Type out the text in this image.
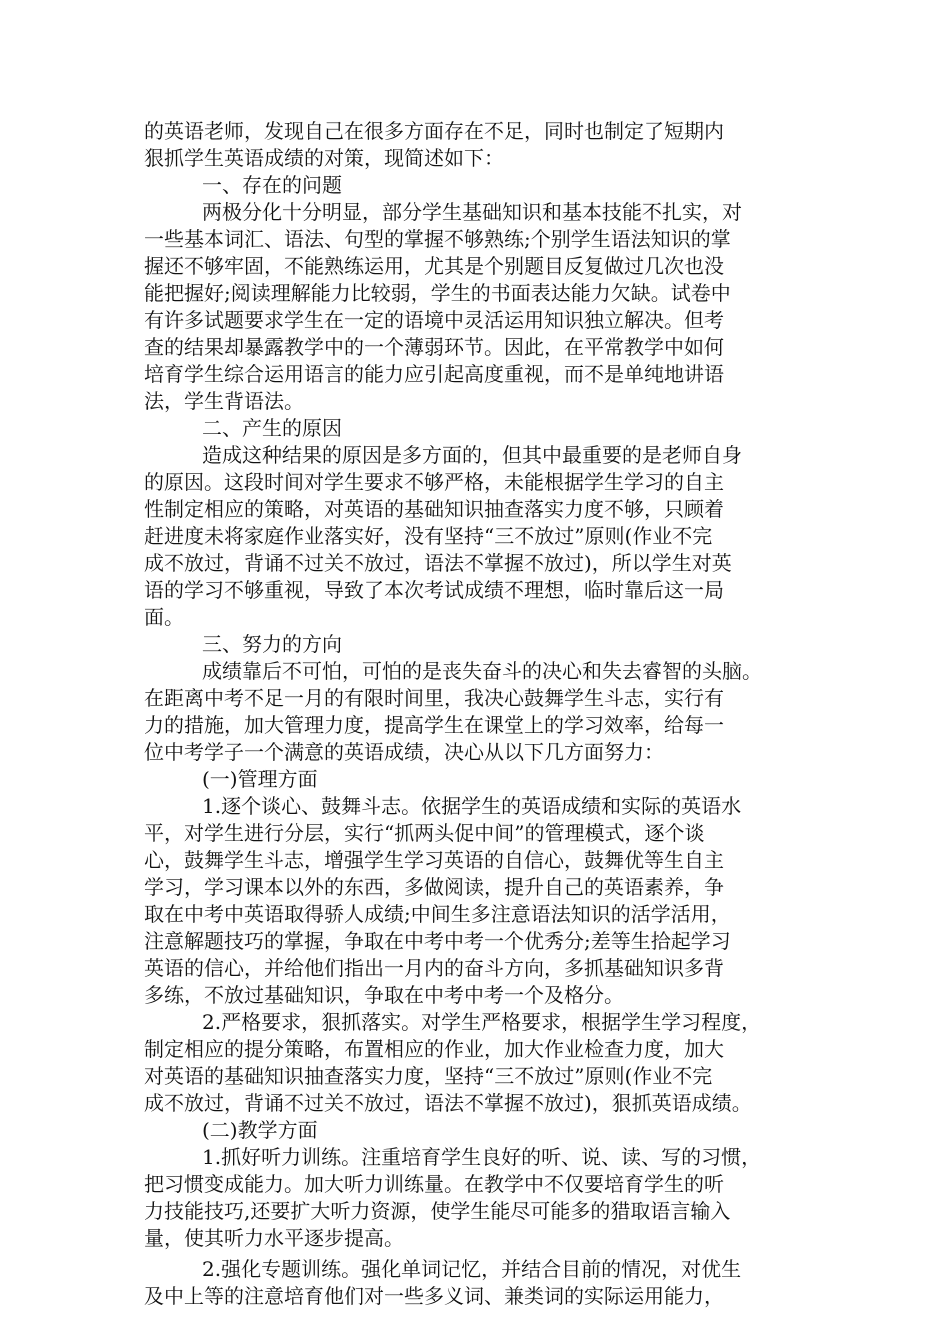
的英语老师，发现自己在很多方面存在不足，同时也制定了短期内
狠抓学生英语成绩的对策，现简述如下：
一、存在的问题
两极分化十分明显，部分学生基础知识和基本技能不扎实，对
一些基本词汇、语法、句型的掌握不够熟练;个别学生语法知识的掌
握还不够牢固，不能熟练运用，尤其是个别题目反复做过几次也没
能把握好;阅读理解能力比较弱，学生的书面表达能力欠缺。试卷中
有许多试题要求学生在一定的语境中灵活运用知识独立解决。但考
查的结果却暴露教学中的一个薄弱环节。因此，在平常教学中如何
培育学生综合运用语言的能力应引起高度重视，而不是单纯地讲语
法，学生背语法。
二、产生的原因
造成这种结果的原因是多方面的，但其中最重要的是老师自身
的原因。这段时间对学生要求不够严格，未能根据学生学习的自主
性制定相应的策略，对英语的基础知识抽查落实力度不够，只顾着
赶进度未将家庭作业落实好，没有坚持“三不放过”原则(作业不完
成不放过，背诵不过关不放过，语法不掌握不放过)，所以学生对英
语的学习不够重视，导致了本次考试成绩不理想，临时靠后这一局
面。
三、努力的方向
成绩靠后不可怕，可怕的是丧失奋斗的决心和失去睿智的头脑。
在距离中考不足一月的有限时间里，我决心鼓舞学生斗志，实行有
力的措施，加大管理力度，提高学生在课堂上的学习效率，给每一
位中考学子一个满意的英语成绩，决心从以下几方面努力：
(一)管理方面
1.逐个谈心、鼓舞斗志。依据学生的英语成绩和实际的英语水
平，对学生进行分层，实行“抓两头促中间”的管理模式，逐个谈
心，鼓舞学生斗志，增强学生学习英语的自信心，鼓舞优等生自主
学习，学习课本以外的东西，多做阅读，提升自己的英语素养，争
取在中考中英语取得骄人成绩;中间生多注意语法知识的活学活用，
注意解题技巧的掌握，争取在中考中考一个优秀分;差等生拾起学习
英语的信心，并给他们指出一月内的奋斗方向，多抓基础知识多背
多练，不放过基础知识，争取在中考中考一个及格分。
2.严格要求，狠抓落实。对学生严格要求，根据学生学习程度，
制定相应的提分策略，布置相应的作业，加大作业检查力度，加大
对英语的基础知识抽查落实力度，坚持“三不放过”原则(作业不完
成不放过，背诵不过关不放过，语法不掌握不放过)，狠抓英语成绩。
(二)教学方面
1.抓好听力训练。注重培育学生良好的听、说、读、写的习惯，
把习惯变成能力。加大听力训练量。在教学中不仅要培育学生的听
力技能技巧,还要扩大听力资源，使学生能尽可能多的猎取语言输入
量，使其听力水平逐步提高。
2.强化专题训练。强化单词记忆，并结合目前的情况，对优生
及中上等的注意培育他们对一些多义词、兼类词的实际运用能力，
